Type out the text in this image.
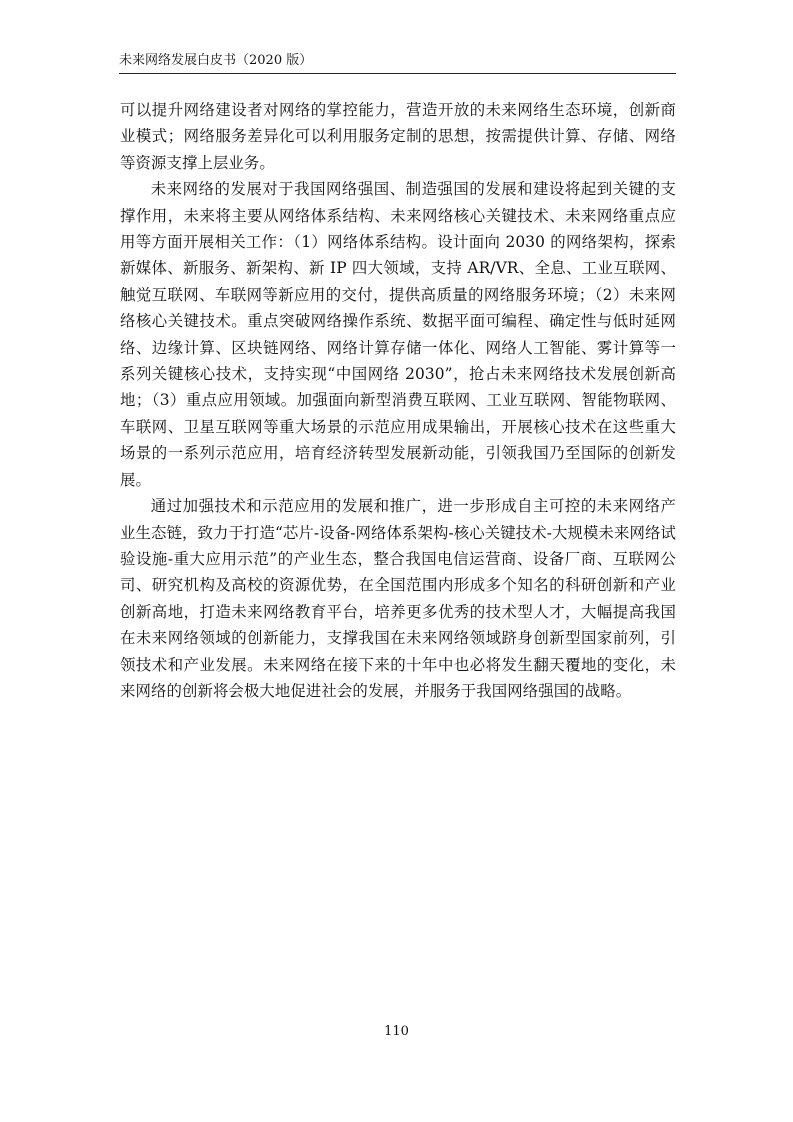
未来网络发展白皮书（2020 版）

可以提升网络建设者对网络的掌控能力，营造开放的未来网络生态环境，创新商业模式；网络服务差异化可以利用服务定制的思想，按需提供计算、存储、网络等资源支撑上层业务。

未来网络的发展对于我国网络强国、制造强国的发展和建设将起到关键的支撑作用，未来将主要从网络体系结构、未来网络核心关键技术、未来网络重点应用等方面开展相关工作：（1）网络体系结构。设计面向 2030 的网络架构，探索新媒体、新服务、新架构、新 IP 四大领域，支持 AR/VR、全息、工业互联网、触觉互联网、车联网等新应用的交付，提供高质量的网络服务环境；（2）未来网络核心关键技术。重点突破网络操作系统、数据平面可编程、确定性与低时延网络、边缘计算、区块链网络、网络计算存储一体化、网络人工智能、雾计算等一系列关键核心技术，支持实现“中国网络 2030”，抢占未来网络技术发展创新高地；（3）重点应用领域。加强面向新型消费互联网、工业互联网、智能物联网、车联网、卫星互联网等重大场景的示范应用成果输出，开展核心技术在这些重大场景的一系列示范应用，培育经济转型发展新动能，引领我国乃至国际的创新发展。

通过加强技术和示范应用的发展和推广，进一步形成自主可控的未来网络产业生态链，致力于打造“芯片-设备-网络体系架构-核心关键技术-大规模未来网络试验设施-重大应用示范”的产业生态，整合我国电信运营商、设备厂商、互联网公司、研究机构及高校的资源优势，在全国范围内形成多个知名的科研创新和产业创新高地，打造未来网络教育平台，培养更多优秀的技术型人才，大幅提高我国在未来网络领域的创新能力，支撑我国在未来网络领域跻身创新型国家前列，引领技术和产业发展。未来网络在接下来的十年中也必将发生翻天覆地的变化，未来网络的创新将会极大地促进社会的发展，并服务于我国网络强国的战略。

110
